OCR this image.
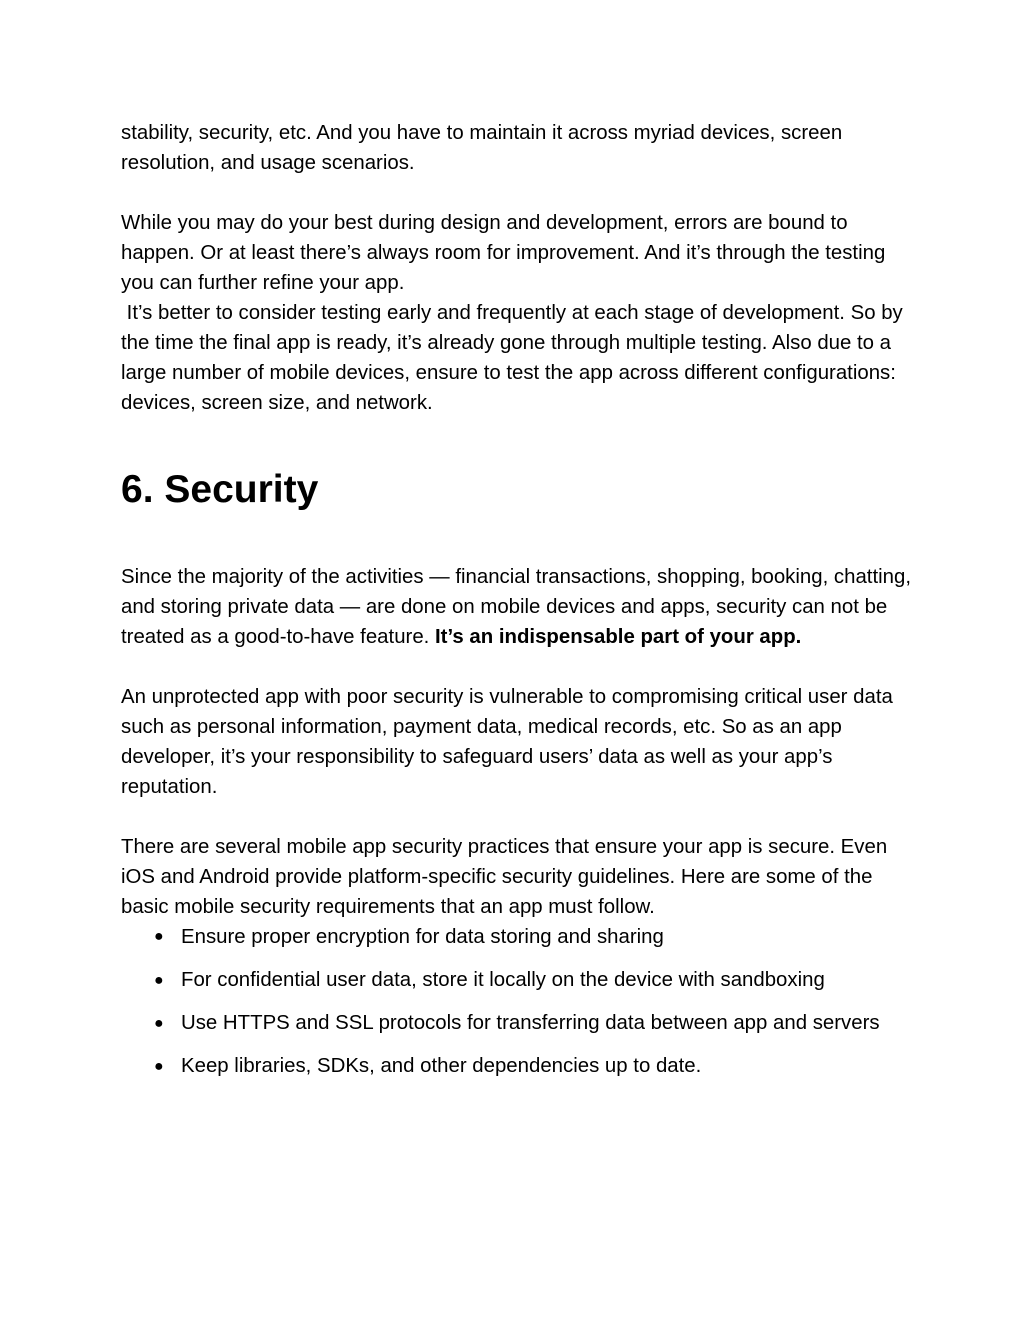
stability, security, etc. And you have to maintain it across myriad devices, screen resolution, and usage scenarios.

While you may do your best during design and development, errors are bound to happen. Or at least there’s always room for improvement. And it’s through the testing you can further refine your app.

It’s better to consider testing early and frequently at each stage of development. So by the time the final app is ready, it’s already gone through multiple testing. Also due to a large number of mobile devices, ensure to test the app across different configurations: devices, screen size, and network.

6. Security

Since the majority of the activities — financial transactions, shopping, booking, chatting, and storing private data — are done on mobile devices and apps, security can not be treated as a good-to-have feature. It’s an indispensable part of your app.

An unprotected app with poor security is vulnerable to compromising critical user data such as personal information, payment data, medical records, etc. So as an app developer, it’s your responsibility to safeguard users’ data as well as your app’s reputation.

There are several mobile app security practices that ensure your app is secure. Even iOS and Android provide platform-specific security guidelines. Here are some of the basic mobile security requirements that an app must follow.

● Ensure proper encryption for data storing and sharing
● For confidential user data, store it locally on the device with sandboxing
● Use HTTPS and SSL protocols for transferring data between app and servers
● Keep libraries, SDKs, and other dependencies up to date.
